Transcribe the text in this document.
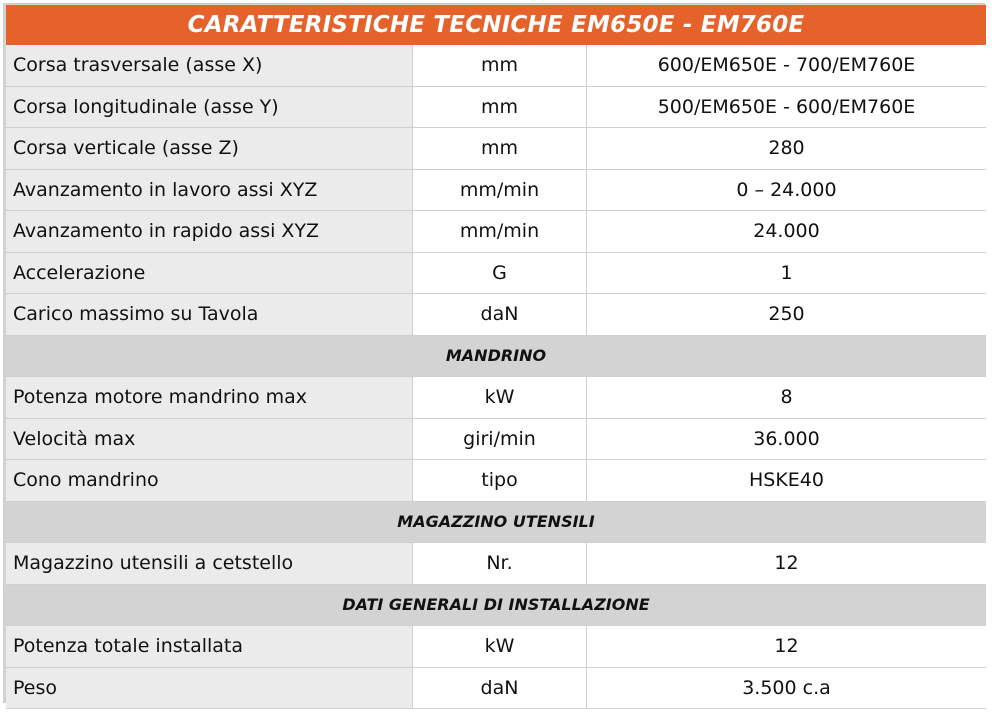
CARATTERISTICHE TECNICHE EM650E - EM760E
Corsa trasversale (asse X)	mm	600/EM650E - 700/EM760E
Corsa longitudinale (asse Y)	mm	500/EM650E - 600/EM760E
Corsa verticale (asse Z)	mm	280
Avanzamento in lavoro assi XYZ	mm/min	0 – 24.000
Avanzamento in rapido assi XYZ	mm/min	24.000
Accelerazione	G	1
Carico massimo su Tavola	daN	250
MANDRINO
Potenza motore mandrino max	kW	8
Velocità max	giri/min	36.000
Cono mandrino	tipo	HSKE40
MAGAZZINO UTENSILI
Magazzino utensili a cetstello	Nr.	12
DATI GENERALI DI INSTALLAZIONE
Potenza totale installata	kW	12
Peso	daN	3.500 c.a
